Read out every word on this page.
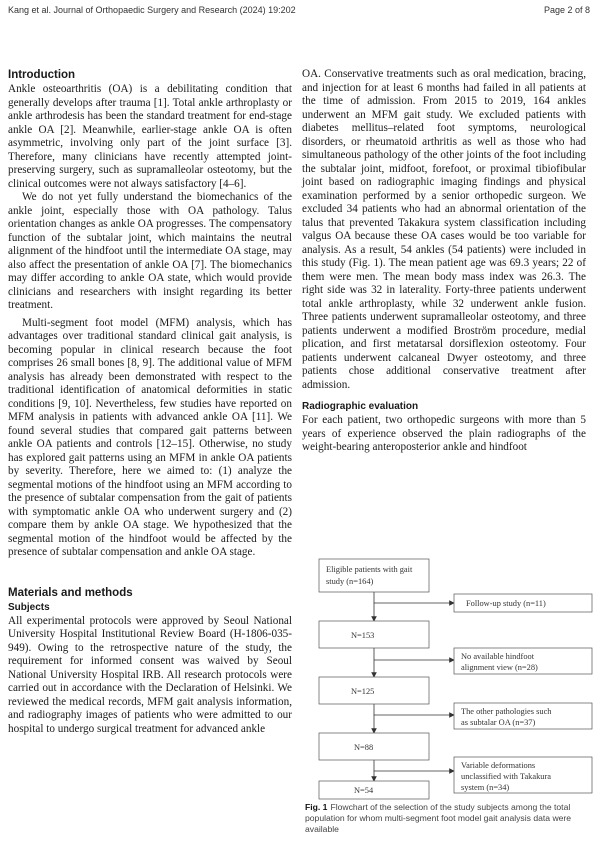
Kang et al. Journal of Orthopaedic Surgery and Research (2024) 19:202	Page 2 of 8
Introduction

Ankle osteoarthritis (OA) is a debilitating condition that generally develops after trauma [1]. Total ankle arthroplasty or ankle arthrodesis has been the standard treatment for end-stage ankle OA [2]. Meanwhile, earlier-stage ankle OA is often asymmetric, involving only part of the joint surface [3]. Therefore, many clinicians have recently attempted joint-preserving surgery, such as supramalleolar osteotomy, but the clinical outcomes were not always satisfactory [4–6].

We do not yet fully understand the biomechanics of the ankle joint, especially those with OA pathology. Talus orientation changes as ankle OA progresses. The compensatory function of the subtalar joint, which maintains the neutral alignment of the hindfoot until the intermediate OA stage, may also affect the presentation of ankle OA [7]. The biomechanics may differ according to ankle OA state, which would provide clinicians and researchers with insight regarding its better treatment.

Multi-segment foot model (MFM) analysis, which has advantages over traditional standard clinical gait analysis, is becoming popular in clinical research because the foot comprises 26 small bones [8, 9]. The additional value of MFM analysis has already been demonstrated with respect to the traditional identification of anatomical deformities in static conditions [9, 10]. Nevertheless, few studies have reported on MFM analysis in patients with advanced ankle OA [11]. We found several studies that compared gait patterns between ankle OA patients and controls [12–15]. Otherwise, no study has explored gait patterns using an MFM in ankle OA patients by severity. Therefore, here we aimed to: (1) analyze the segmental motions of the hindfoot using an MFM according to the presence of subtalar compensation from the gait of patients with symptomatic ankle OA who underwent surgery and (2) compare them by ankle OA stage. We hypothesized that the segmental motion of the hindfoot would be affected by the presence of subtalar compensation and ankle OA stage.

Materials and methods
Subjects

All experimental protocols were approved by Seoul National University Hospital Institutional Review Board (H-1806-035-949). Owing to the retrospective nature of the study, the requirement for informed consent was waived by Seoul National University Hospital IRB. All research protocols were carried out in accordance with the Declaration of Helsinki. We reviewed the medical records, MFM gait analysis information, and radiography images of patients who were admitted to our hospital to undergo surgical treatment for advanced ankle

OA. Conservative treatments such as oral medication, bracing, and injection for at least 6 months had failed in all patients at the time of admission. From 2015 to 2019, 164 ankles underwent an MFM gait study. We excluded patients with diabetes mellitus–related foot symptoms, neurological disorders, or rheumatoid arthritis as well as those who had simultaneous pathology of the other joints of the foot including the subtalar joint, midfoot, forefoot, or proximal tibiofibular joint based on radiographic imaging findings and physical examination performed by a senior orthopedic surgeon. We excluded 34 patients who had an abnormal orientation of the talus that prevented Takakura system classification including valgus OA because these OA cases would be too variable for analysis. As a result, 54 ankles (54 patients) were included in this study (Fig. 1). The mean patient age was 69.3 years; 22 of them were men. The mean body mass index was 26.3. The right side was 32 in laterality. Forty-three patients underwent total ankle arthroplasty, while 32 underwent ankle fusion. Three patients underwent supramalleolar osteotomy, and three patients underwent a modified Broström procedure, medial plication, and first metatarsal dorsiflexion osteotomy. Four patients underwent calcaneal Dwyer osteotomy, and three patients chose additional conservative treatment after admission.

Radiographic evaluation

For each patient, two orthopedic surgeons with more than 5 years of experience observed the plain radiographs of the weight-bearing anteroposterior ankle and hindfoot

Eligible patients with gait
study (n=164)
N=153
N=125
N=88
N=54
Follow-up study (n=11)
No available hindfoot
alignment view (n=28)
The other pathologies such
as subtalar OA (n=37)
Variable deformations
unclassified with Takakura
system (n=34)
Fig. 1 Flowchart of the selection of the study subjects among the total population for whom multi-segment foot model gait analysis data were available
